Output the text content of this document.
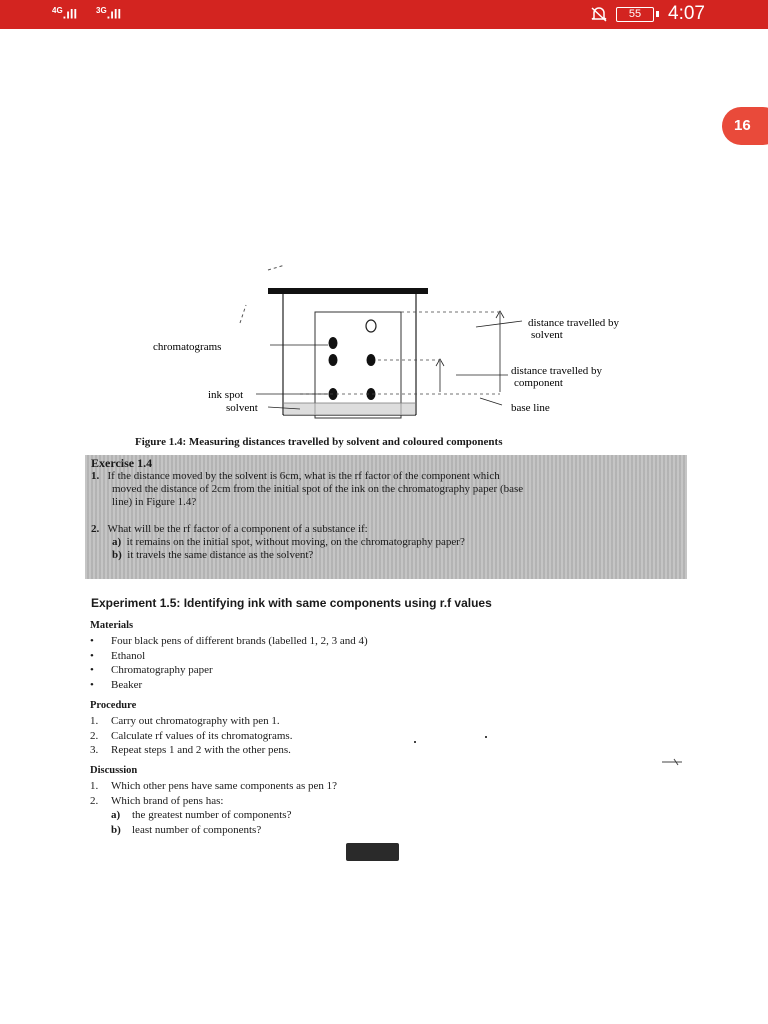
$^{4G}$.ıll $^{3G}$.ıll	55	4:07
16
chromatograms
ink spot
solvent
distance travelled by
solvent
distance travelled by
component
base line
Figure 1.4: Measuring distances travelled by solvent and coloured components

Exercise 1.4

1. If the distance moved by the solvent is 6cm, what is the rf factor of the component which

moved the distance of 2cm from the initial spot of the ink on the chromatography paper (base

line) in Figure 1.4?

2. What will be the rf factor of a component of a substance if:

a) it remains on the initial spot, without moving, on the chromatography paper?

b) it travels the same distance as the solvent?

Experiment 1.5: Identifying ink with same components using r.f values
Materials
• Four black pens of different brands (labelled 1, 2, 3 and 4)
• Ethanol
• Chromatography paper
• Beaker
Procedure
1. Carry out chromatography with pen 1.
2. Calculate rf values of its chromatograms.
3. Repeat steps 1 and 2 with the other pens.
Discussion
1. Which other pens have same components as pen 1?
2. Which brand of pens has:
a) the greatest number of components?
b) least number of components?
